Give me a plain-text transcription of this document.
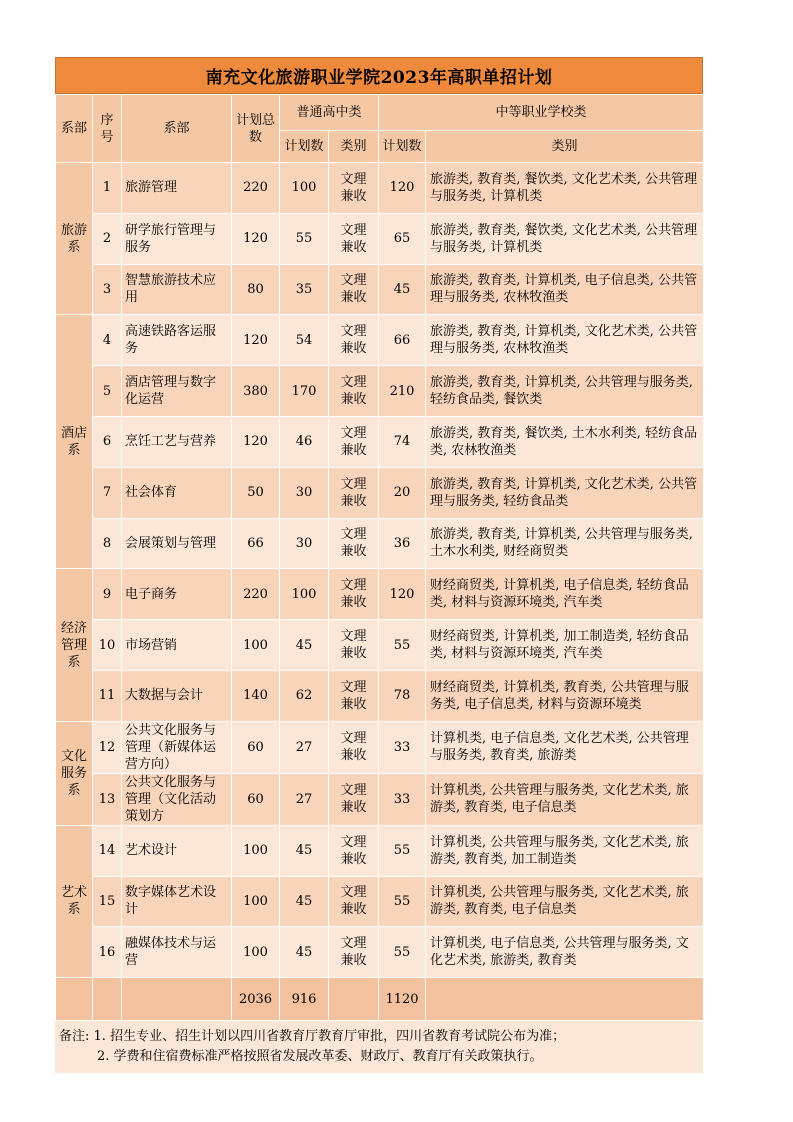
南充文化旅游职业学院2023年高职单招计划
系部	序号	系部	计划总数	普通高中类		中等职业学校类	
				计划数	类别	计划数	类别
旅游系	1	旅游管理	220	100	文理兼收	120	旅游类, 教育类, 餐饮类, 文化艺术类, 公共管理与服务类, 计算机类
	2	研学旅行管理与服务	120	55	文理兼收	65	旅游类, 教育类, 餐饮类, 文化艺术类, 公共管理与服务类, 计算机类
	3	智慧旅游技术应用	80	35	文理兼收	45	旅游类, 教育类, 计算机类, 电子信息类, 公共管理与服务类, 农林牧渔类
酒店系	4	高速铁路客运服务	120	54	文理兼收	66	旅游类, 教育类, 计算机类, 文化艺术类, 公共管理与服务类, 农林牧渔类
	5	酒店管理与数字化运营	380	170	文理兼收	210	旅游类, 教育类, 计算机类, 公共管理与服务类, 轻纺食品类, 餐饮类
	6	烹饪工艺与营养	120	46	文理兼收	74	旅游类, 教育类, 餐饮类, 土木水利类, 轻纺食品类, 农林牧渔类
	7	社会体育	50	30	文理兼收	20	旅游类, 教育类, 计算机类, 文化艺术类, 公共管理与服务类, 轻纺食品类
	8	会展策划与管理	66	30	文理兼收	36	旅游类, 教育类, 计算机类, 公共管理与服务类, 土木水利类, 财经商贸类
经济管理系	9	电子商务	220	100	文理兼收	120	财经商贸类, 计算机类, 电子信息类, 轻纺食品类, 材料与资源环境类, 汽车类
	10	市场营销	100	45	文理兼收	55	财经商贸类, 计算机类, 加工制造类, 轻纺食品类, 材料与资源环境类, 汽车类
	11	大数据与会计	140	62	文理兼收	78	财经商贸类, 计算机类, 教育类, 公共管理与服务类, 电子信息类, 材料与资源环境类
文化服务系	12	公共文化服务与管理（新媒体运营方向）	60	27	文理兼收	33	计算机类, 电子信息类, 文化艺术类, 公共管理与服务类, 教育类, 旅游类
	13	公共文化服务与管理（文化活动策划方	60	27	文理兼收	33	计算机类, 公共管理与服务类, 文化艺术类, 旅游类, 教育类, 电子信息类
艺术系	14	艺术设计	100	45	文理兼收	55	计算机类, 公共管理与服务类, 文化艺术类, 旅游类, 教育类, 加工制造类
	15	数字媒体艺术设计	100	45	文理兼收	55	计算机类, 公共管理与服务类, 文化艺术类, 旅游类, 教育类, 电子信息类
	16	融媒体技术与运营	100	45	文理兼收	55	计算机类, 电子信息类, 公共管理与服务类, 文化艺术类, 旅游类, 教育类
			2036	916		1120	
备注: 1. 招生专业、招生计划以四川省教育厅教育厅审批，四川省教育考试院公布为准；
2. 学费和住宿费标准严格按照省发展改革委、财政厅、教育厅有关政策执行。
